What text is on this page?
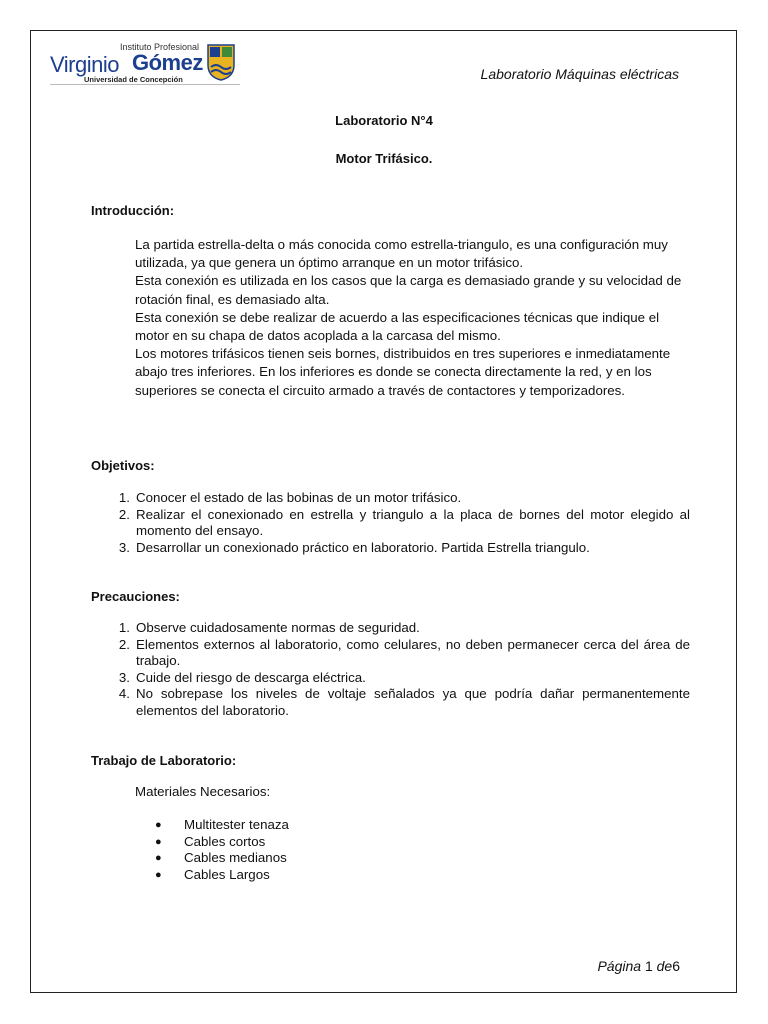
Instituto Profesional
Virginio Gómez
Universidad de Concepción	Laboratorio Máquinas eléctricas
Laboratorio N°4
Motor Trifásico.
Introducción:

La partida estrella-delta o más conocida como estrella-triangulo, es una configuración muy utilizada, ya que genera un óptimo arranque en un motor trifásico.

Esta conexión es utilizada en los casos que la carga es demasiado grande y su velocidad de rotación final, es demasiado alta.

Esta conexión se debe realizar de acuerdo a las especificaciones técnicas que indique el motor en su chapa de datos acoplada a la carcasa del mismo.

Los motores trifásicos tienen seis bornes, distribuidos en tres superiores e inmediatamente abajo tres inferiores. En los inferiores es donde se conecta directamente la red, y en los superiores se conecta el circuito armado a través de contactores y temporizadores.

Objetivos:
1. Conocer el estado de las bobinas de un motor trifásico.
2. Realizar el conexionado en estrella y triangulo a la placa de bornes del motor elegido al momento del ensayo.
3. Desarrollar un conexionado práctico en laboratorio. Partida Estrella triangulo.
Precauciones:
1. Observe cuidadosamente normas de seguridad.
2. Elementos externos al laboratorio, como celulares, no deben permanecer cerca del área de trabajo.
3. Cuide del riesgo de descarga eléctrica.
4. No sobrepase los niveles de voltaje señalados ya que podría dañar permanentemente elementos del laboratorio.
Trabajo de Laboratorio:
Materiales Necesarios:
● Multitester tenaza
● Cables cortos
● Cables medianos
● Cables Largos
Página 1 de6
